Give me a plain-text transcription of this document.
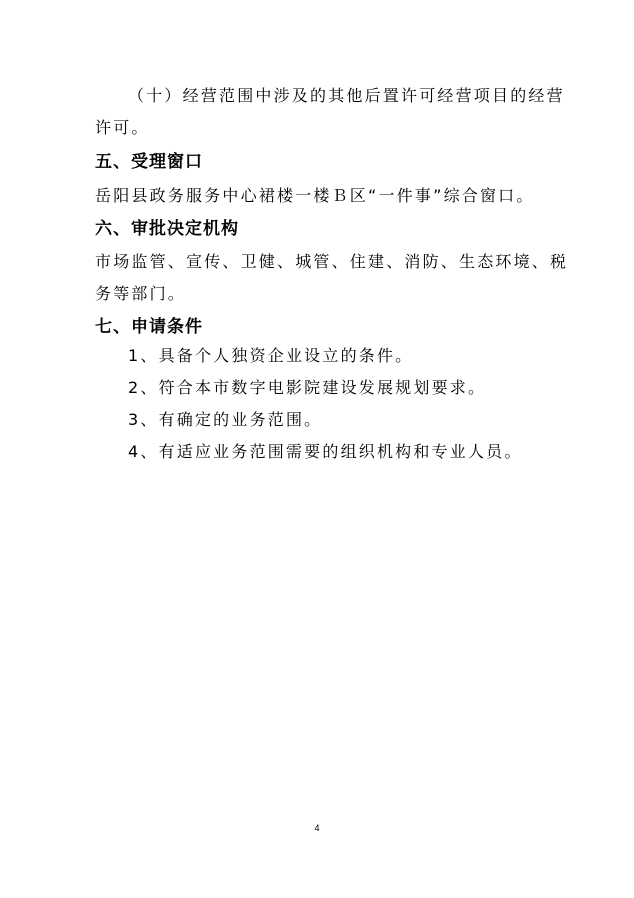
（十）经营范围中涉及的其他后置许可经营项目的经营
许可。
五、受理窗口
岳阳县政务服务中心裙楼一楼Ｂ区“一件事”综合窗口。
六、审批决定机构
市场监管、宣传、卫健、城管、住建、消防、生态环境、税
务等部门。
七、申请条件
1、具备个人独资企业设立的条件。
2、符合本市数字电影院建设发展规划要求。
3、有确定的业务范围。
4、有适应业务范围需要的组织机构和专业人员。
4
